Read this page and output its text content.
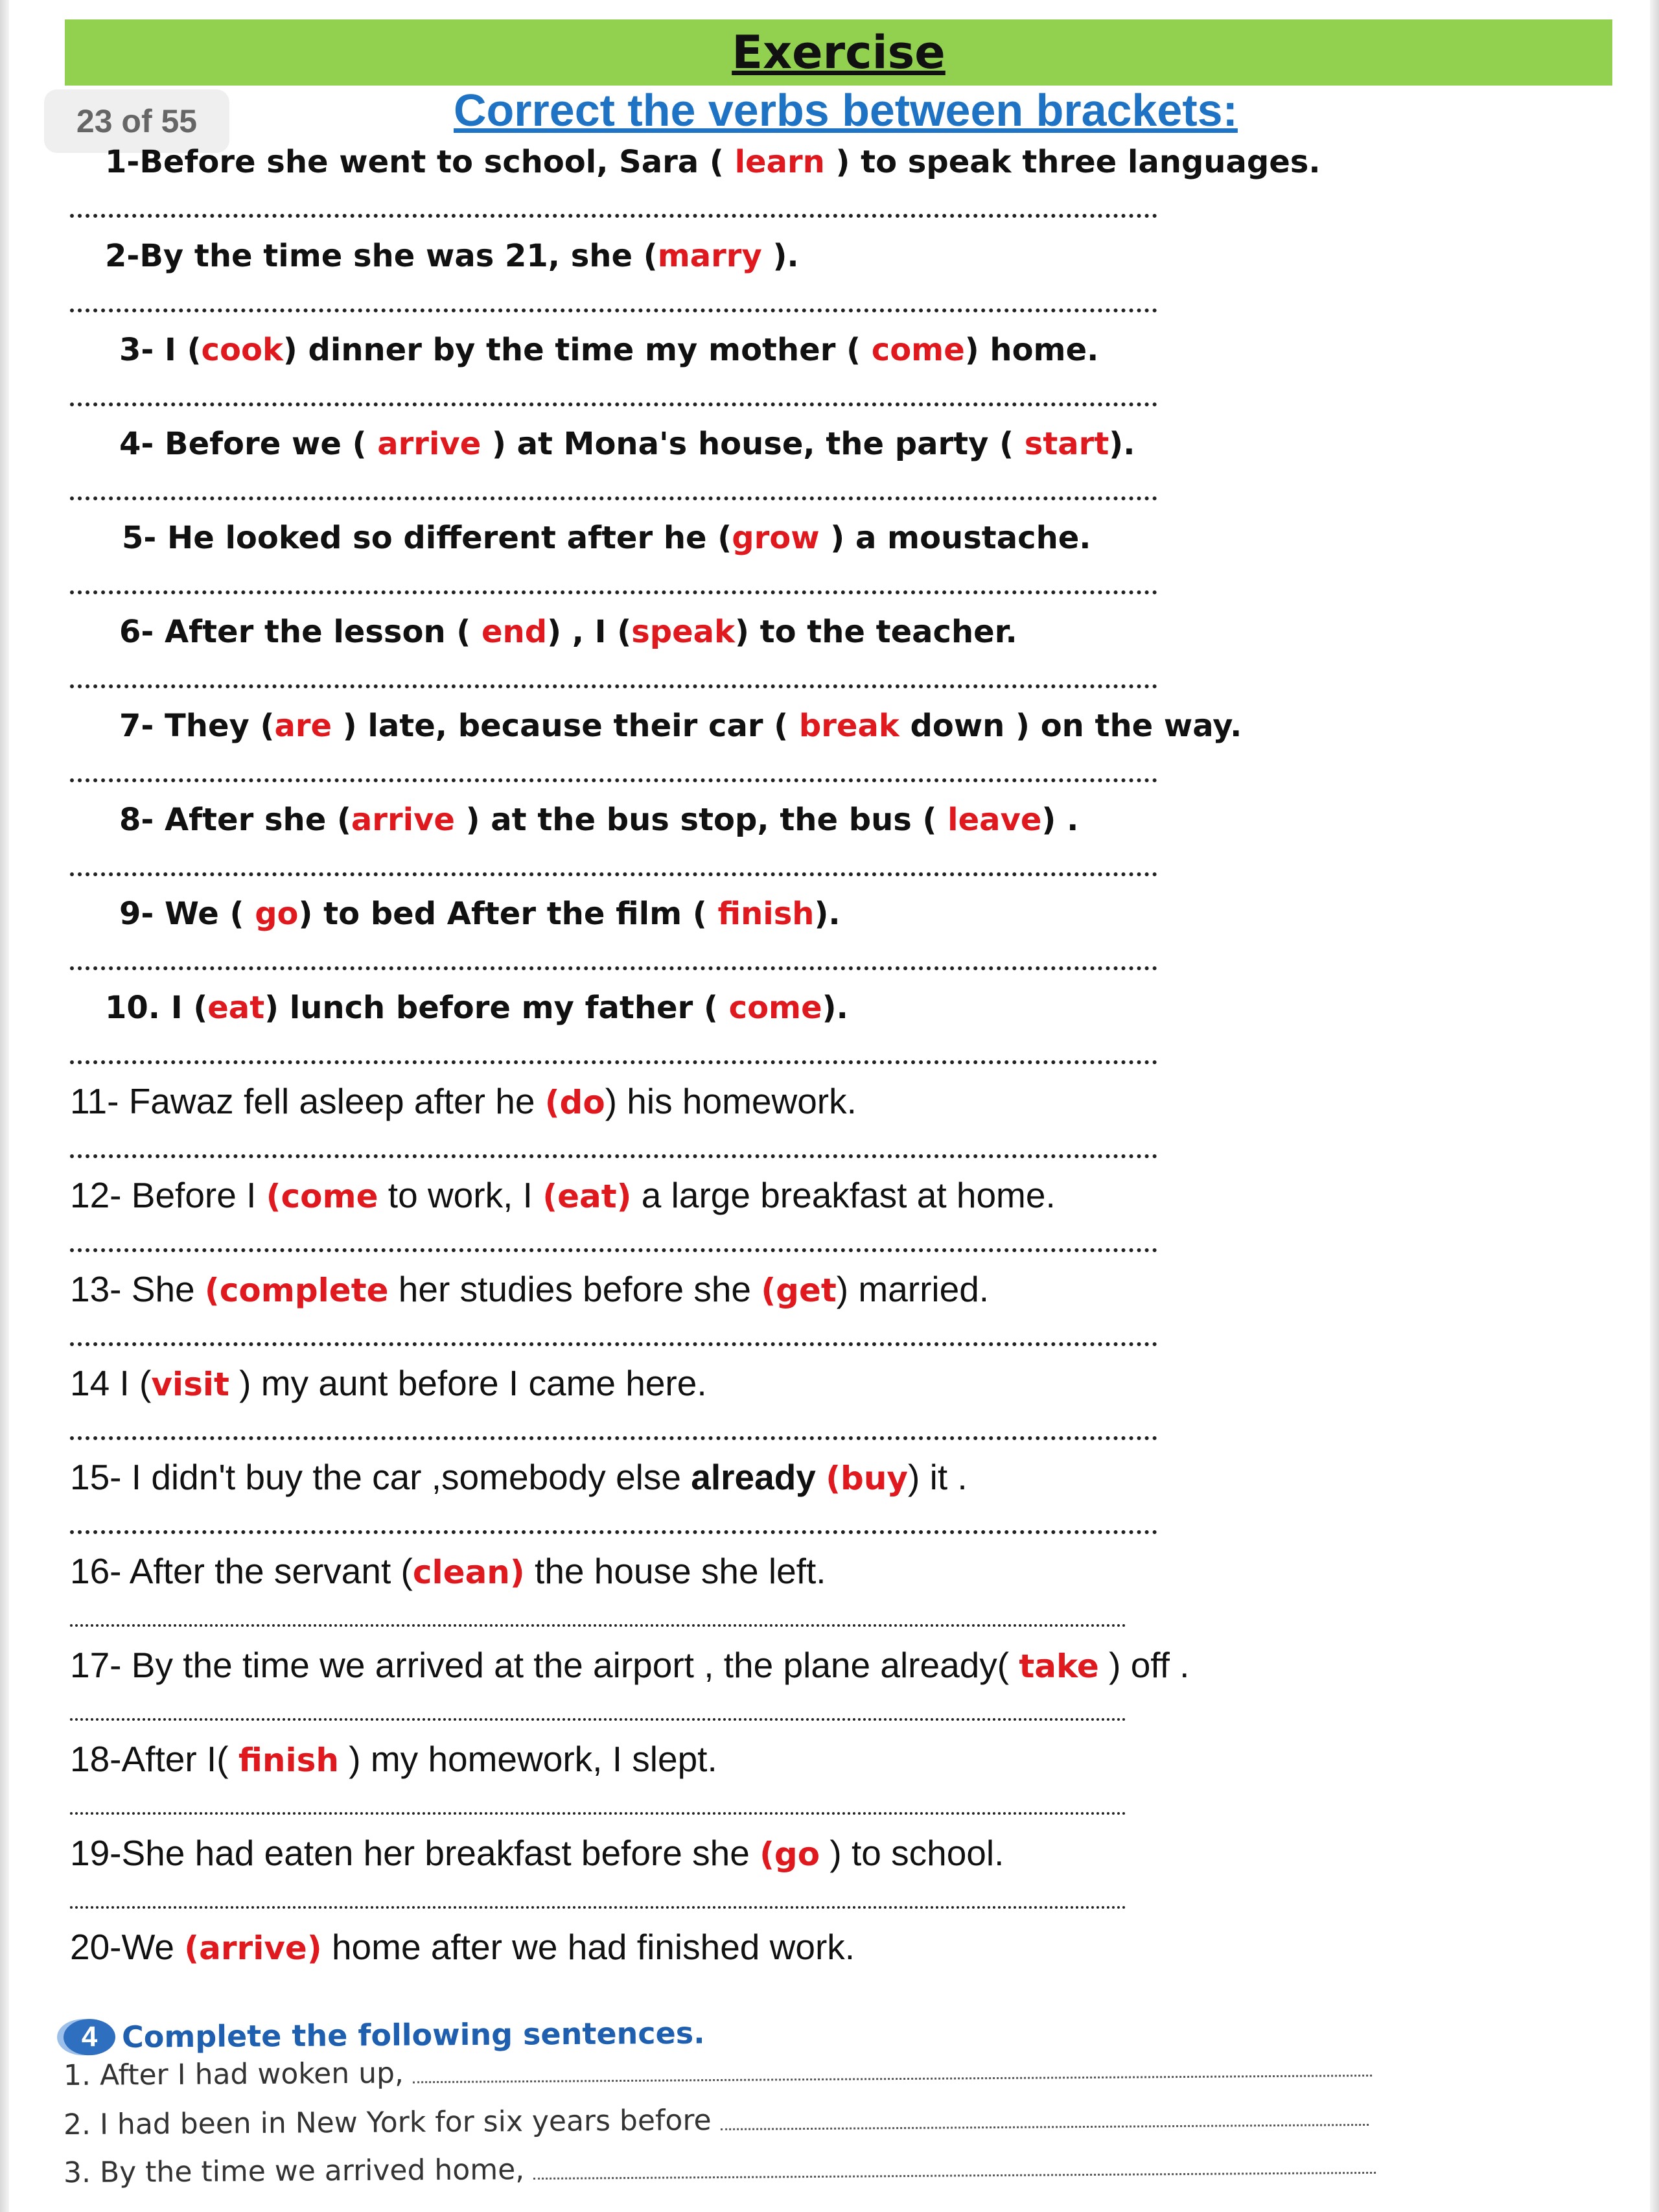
Exercise
23 of 55	Correct the verbs between brackets:
1-Before she went to school, Sara ( learn ) to speak three languages.
2-By the time she was 21, she (marry ).
3- I (cook) dinner by the time my mother ( come) home.
4- Before we ( arrive ) at Mona's house, the party ( start).
5- He looked so different after he (grow ) a moustache.
6- After the lesson ( end) , I (speak) to the teacher.
7- They (are ) late, because their car ( break down ) on the way.
8- After she (arrive ) at the bus stop, the bus ( leave) .
9- We ( go) to bed After the film ( finish).
10. I (eat) lunch before my father ( come).
11- Fawaz fell asleep after he (do) his homework.
12- Before I (come to work, I (eat) a large breakfast at home.
13- She (complete her studies before she (get) married.
14 I (visit ) my aunt before I came here.
15- I didn't buy the car ,somebody else already (buy) it .
16- After the servant (clean) the house she left.
17- By the time we arrived at the airport , the plane already( take ) off .
18-After I( finish ) my homework, I slept.
19-She had eaten her breakfast before she (go ) to school.
20-We (arrive) home after we had finished work.
4 Complete the following sentences.
1. After I had woken up,
2. I had been in New York for six years before
3. By the time we arrived home,
